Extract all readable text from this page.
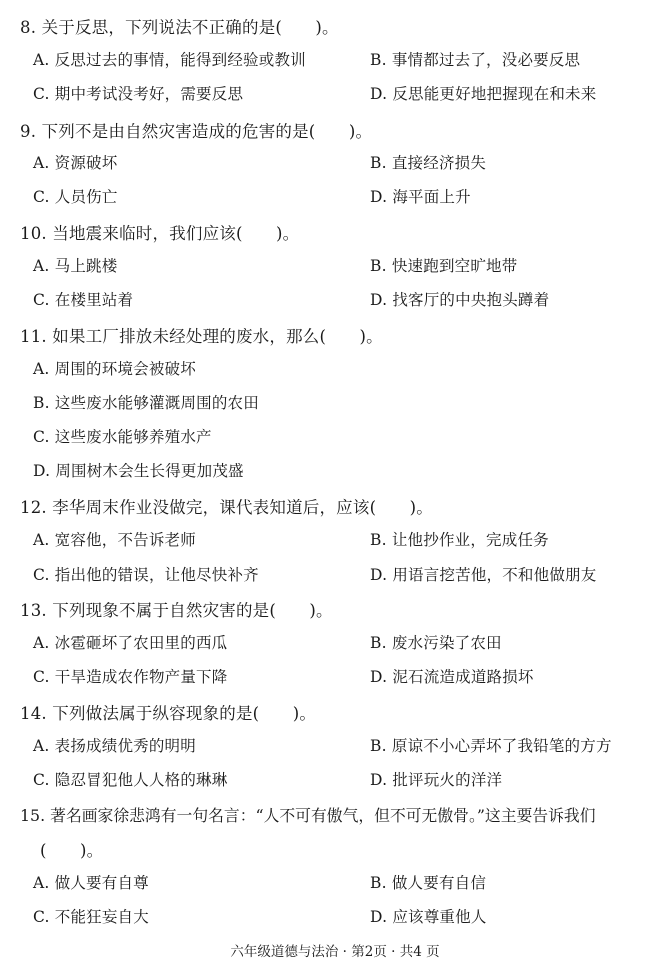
8. 关于反思，下列说法不正确的是(　　)。
A. 反思过去的事情，能得到经验或教训	B. 事情都过去了，没必要反思
C. 期中考试没考好，需要反思	D. 反思能更好地把握现在和未来
9. 下列不是由自然灾害造成的危害的是(　　)。
A. 资源破坏	B. 直接经济损失
C. 人员伤亡	D. 海平面上升
10. 当地震来临时，我们应该(　　)。
A. 马上跳楼	B. 快速跑到空旷地带
C. 在楼里站着	D. 找客厅的中央抱头蹲着
11. 如果工厂排放未经处理的废水，那么(　　)。
A. 周围的环境会被破坏
B. 这些废水能够灌溉周围的农田
C. 这些废水能够养殖水产
D. 周围树木会生长得更加茂盛
12. 李华周末作业没做完，课代表知道后，应该(　　)。
A. 宽容他，不告诉老师	B. 让他抄作业，完成任务
C. 指出他的错误，让他尽快补齐	D. 用语言挖苦他，不和他做朋友
13. 下列现象不属于自然灾害的是(　　)。
A. 冰雹砸坏了农田里的西瓜	B. 废水污染了农田
C. 干旱造成农作物产量下降	D. 泥石流造成道路损坏
14. 下列做法属于纵容现象的是(　　)。
A. 表扬成绩优秀的明明	B. 原谅不小心弄坏了我铅笔的方方
C. 隐忍冒犯他人人格的琳琳	D. 批评玩火的洋洋
15. 著名画家徐悲鸿有一句名言：“人不可有傲气，但不可无傲骨。”这主要告诉我们
(　　)。
A. 做人要有自尊	B. 做人要有自信
C. 不能狂妄自大	D. 应该尊重他人
六年级道德与法治 · 第2页 · 共4 页
